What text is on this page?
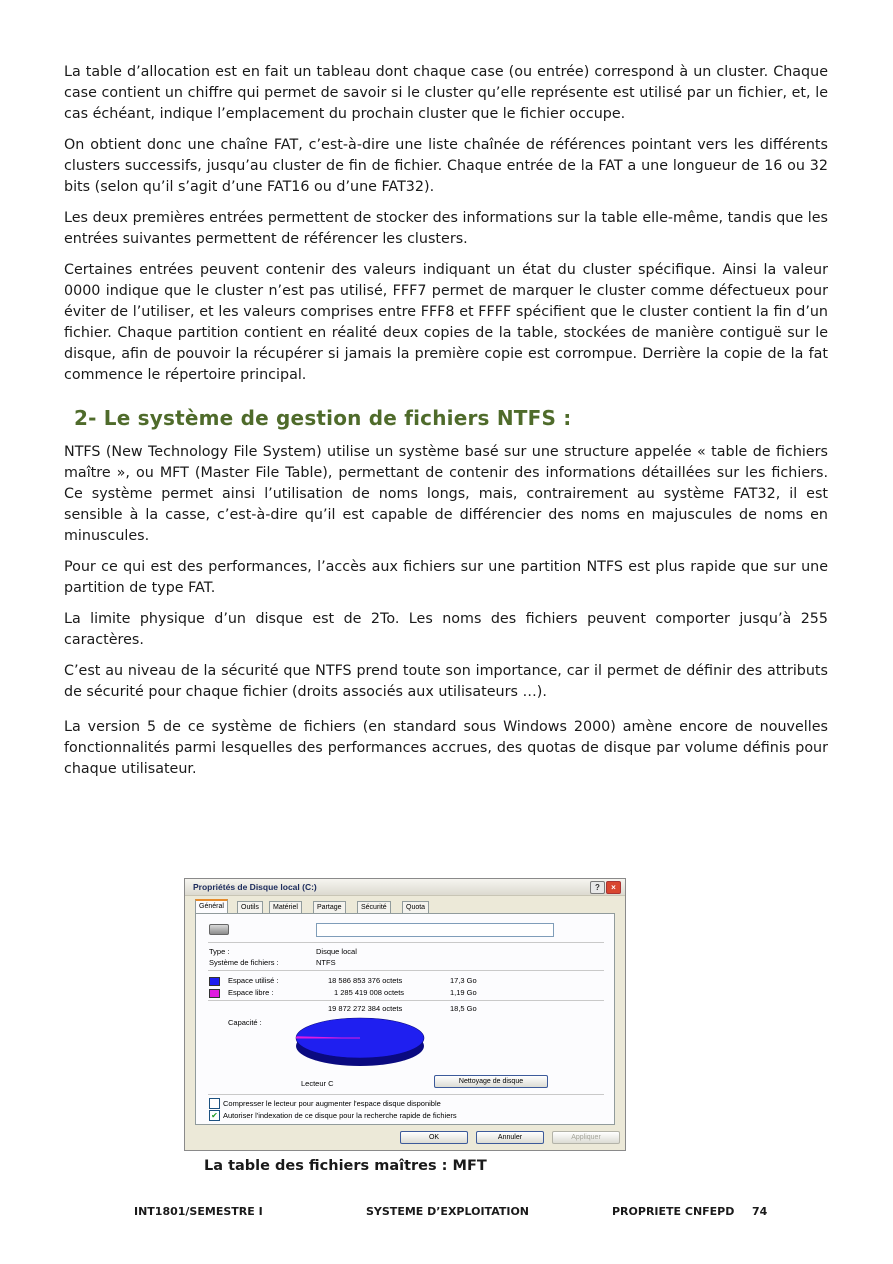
La table d’allocation est en fait un tableau dont chaque case (ou entrée) correspond à un cluster. Chaque case contient un chiffre qui permet de savoir si le cluster qu’elle représente est utilisé par un fichier, et, le cas échéant, indique l’emplacement du prochain cluster que le fichier occupe.

On obtient donc une chaîne FAT, c’est-à-dire une liste chaînée de références pointant vers les différents clusters successifs, jusqu’au cluster de fin de fichier. Chaque entrée de la FAT a une longueur de 16 ou 32 bits (selon qu’il s’agit d’une FAT16 ou d’une FAT32).

Les deux premières entrées permettent de stocker des informations sur la table elle-même, tandis que les entrées suivantes permettent de référencer les clusters.

Certaines entrées peuvent contenir des valeurs indiquant un état du cluster spécifique. Ainsi la valeur 0000 indique que le cluster n’est pas utilisé, FFF7 permet de marquer le cluster comme défectueux pour éviter de l’utiliser, et les valeurs comprises entre FFF8 et FFFF spécifient que le cluster contient la fin d’un fichier. Chaque partition contient en réalité deux copies de la table, stockées de manière contiguë sur le disque, afin de pouvoir la récupérer si jamais la première copie est corrompue. Derrière la copie de la fat commence le répertoire principal.

2- Le système de gestion de fichiers NTFS :

NTFS (New Technology File System) utilise un système basé sur une structure appelée « table de fichiers maître », ou MFT (Master File Table), permettant de contenir des informations détaillées sur les fichiers. Ce système permet ainsi l’utilisation de noms longs, mais, contrairement au système FAT32, il est sensible à la casse, c’est-à-dire qu’il est capable de différencier des noms en majuscules de noms en minuscules.

Pour ce qui est des performances, l’accès aux fichiers sur une partition NTFS est plus rapide que sur une partition de type FAT.

La limite physique d’un disque est de 2To. Les noms des fichiers peuvent comporter jusqu’à 255 caractères.

C’est au niveau de la sécurité que NTFS prend toute son importance, car il permet de définir des attributs de sécurité pour chaque fichier (droits associés aux utilisateurs …).

La version 5 de ce système de fichiers (en standard sous Windows 2000) amène encore de nouvelles fonctionnalités parmi lesquelles des performances accrues, des quotas de disque par volume définis pour chaque utilisateur.

Propriétés de Disque local (C:)	?	×
Général	Outils	Matériel	Partage	Sécurité	Quota
Type :	Disque local
Système de fichiers :	NTFS
Espace utilisé :	18 586 853 376 octets	17,3 Go
Espace libre :	1 285 419 008 octets	1,19 Go
19 872 272 384 octets	18,5 Go
Capacité :
Lecteur C	Nettoyage de disque
Compresser le lecteur pour augmenter l'espace disque disponible
✔ Autoriser l'indexation de ce disque pour la recherche rapide de fichiers
OK	Annuler	Appliquer
La table des fichiers maîtres : MFT
INT1801/SEMESTRE I	SYSTEME D’EXPLOITATION	PROPRIETE CNFEPD 74
